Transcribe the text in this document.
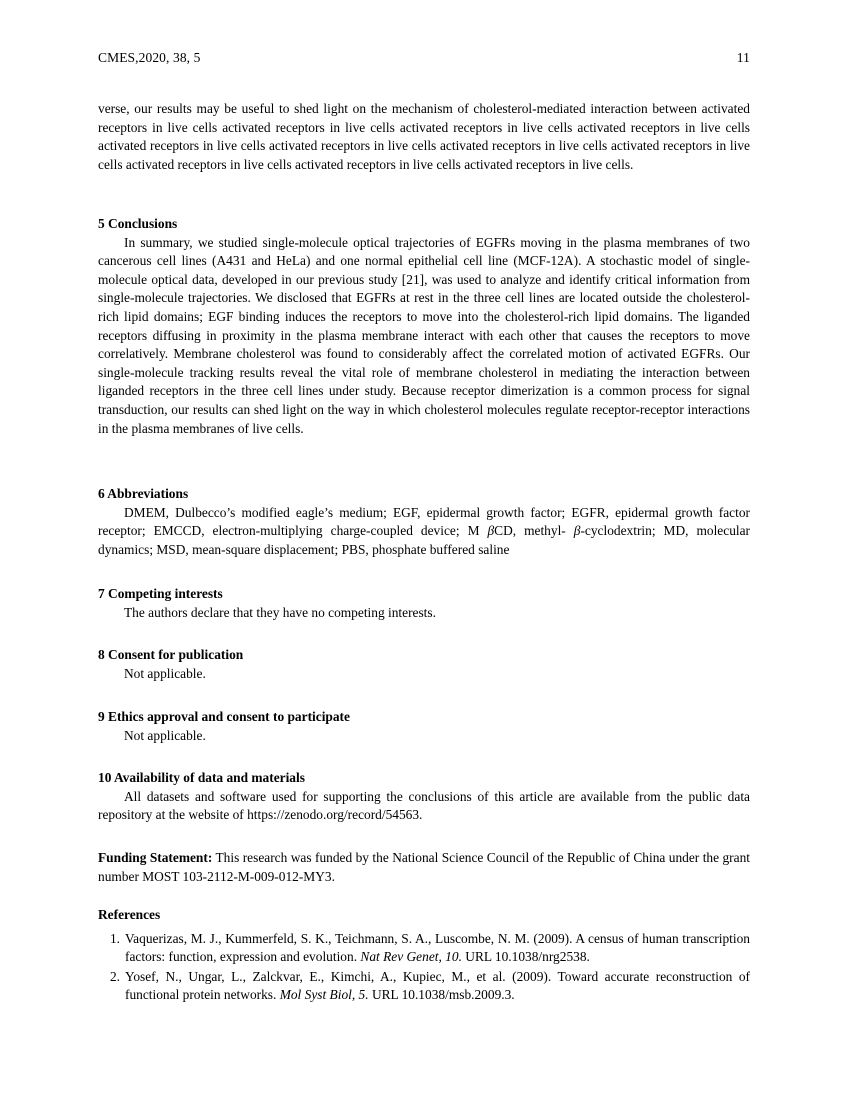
CMES,2020, 38, 5	11

verse, our results may be useful to shed light on the mechanism of cholesterol-mediated interaction between activated receptors in live cells activated receptors in live cells activated receptors in live cells activated receptors in live cells activated receptors in live cells activated receptors in live cells activated receptors in live cells activated receptors in live cells activated receptors in live cells activated receptors in live cells activated receptors in live cells.

5 Conclusions

In summary, we studied single-molecule optical trajectories of EGFRs moving in the plasma membranes of two cancerous cell lines (A431 and HeLa) and one normal epithelial cell line (MCF-12A). A stochastic model of single-molecule optical data, developed in our previous study [21], was used to analyze and identify critical information from single-molecule trajectories. We disclosed that EGFRs at rest in the three cell lines are located outside the cholesterol-rich lipid domains; EGF binding induces the receptors to move into the cholesterol-rich lipid domains. The liganded receptors diffusing in proximity in the plasma membrane interact with each other that causes the receptors to move correlatively. Membrane cholesterol was found to considerably affect the correlated motion of activated EGFRs. Our single-molecule tracking results reveal the vital role of membrane cholesterol in mediating the interaction between liganded receptors in the three cell lines under study. Because receptor dimerization is a common process for signal transduction, our results can shed light on the way in which cholesterol molecules regulate receptor-receptor interactions in the plasma membranes of live cells.

6 Abbreviations

DMEM, Dulbecco’s modified eagle’s medium; EGF, epidermal growth factor; EGFR, epidermal growth factor receptor; EMCCD, electron-multiplying charge-coupled device; M βCD, methyl- β-cyclodextrin; MD, molecular dynamics; MSD, mean-square displacement; PBS, phosphate buffered saline

7 Competing interests

The authors declare that they have no competing interests.

8 Consent for publication

Not applicable.

9 Ethics approval and consent to participate

Not applicable.

10 Availability of data and materials

All datasets and software used for supporting the conclusions of this article are available from the public data repository at the website of https://zenodo.org/record/54563.

Funding Statement: This research was funded by the National Science Council of the Republic of China under the grant number MOST 103-2112-M-009-012-MY3.

References
1. Vaquerizas, M. J., Kummerfeld, S. K., Teichmann, S. A., Luscombe, N. M. (2009). A census of human transcription factors: function, expression and evolution. Nat Rev Genet, 10. URL 10.1038/nrg2538.
2. Yosef, N., Ungar, L., Zalckvar, E., Kimchi, A., Kupiec, M., et al. (2009). Toward accurate reconstruction of functional protein networks. Mol Syst Biol, 5. URL 10.1038/msb.2009.3.
